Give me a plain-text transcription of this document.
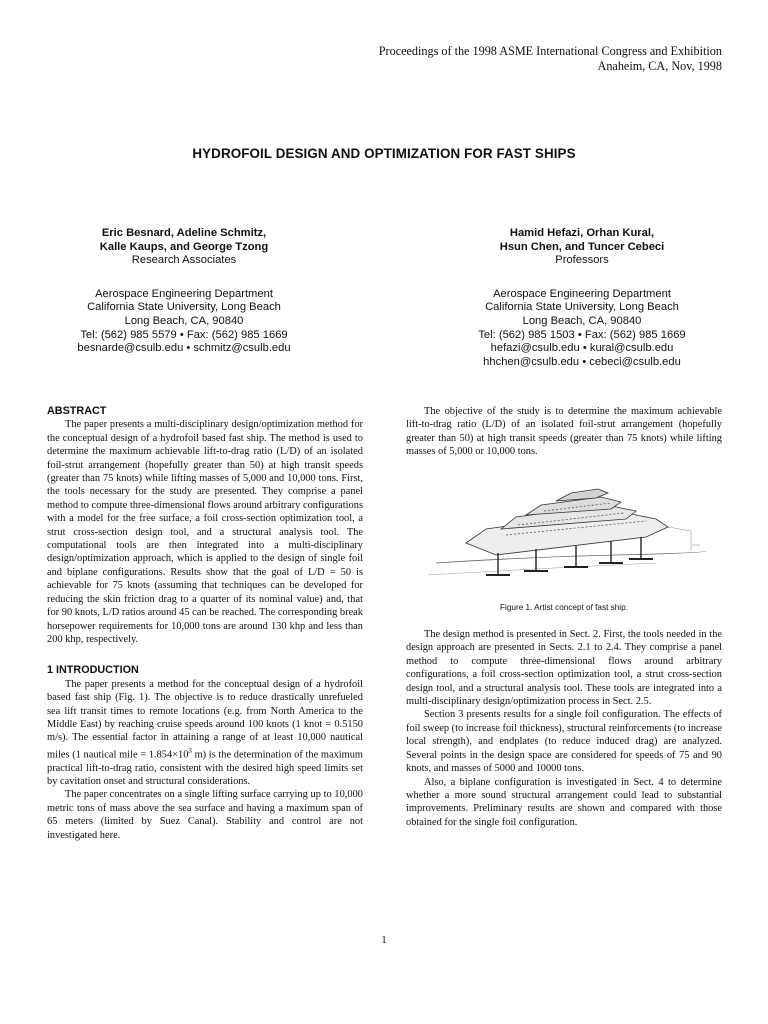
Proceedings of the 1998 ASME International Congress and Exhibition
Anaheim, CA, Nov, 1998
HYDROFOIL DESIGN AND OPTIMIZATION FOR FAST SHIPS
Eric Besnard, Adeline Schmitz,
Kalle Kaups, and George Tzong
Research Associates
Aerospace Engineering Department
California State University, Long Beach
Long Beach, CA, 90840
Tel: (562) 985 5579 • Fax: (562) 985 1669
besnarde@csulb.edu • schmitz@csulb.edu
Hamid Hefazi, Orhan Kural,
Hsun Chen, and Tuncer Cebeci
Professors
Aerospace Engineering Department
California State University, Long Beach
Long Beach, CA, 90840
Tel: (562) 985 1503 • Fax: (562) 985 1669
hefazi@csulb.edu • kural@csulb.edu
hhchen@csulb.edu • cebeci@csulb.edu

ABSTRACT

The paper presents a multi-disciplinary design/optimization method for the conceptual design of a hydrofoil based fast ship. The method is used to determine the maximum achievable lift-to-drag ratio (L/D) of an isolated foil-strut arrangement (hopefully greater than 50) at high transit speeds (greater than 75 knots) while lifting masses of 5,000 and 10,000 tons. First, the tools necessary for the study are presented. They comprise a panel method to compute three-dimensional flows around arbitrary configurations with a model for the free surface, a foil cross-section optimization tool, a strut cross-section design tool, and a structural analysis tool. The computational tools are then integrated into a multi-disciplinary design/optimization approach, which is applied to the design of single foil and biplane configurations. Results show that the goal of L/D = 50 is achievable for 75 knots (assuming that techniques can be developed for reducing the skin friction drag to a quarter of its nominal value) and, that for 90 knots, L/D ratios around 45 can be reached. The corresponding break horsepower requirements for 10,000 tons are around 130 khp and less than 200 khp, respectively.

1 INTRODUCTION

The paper presents a method for the conceptual design of a hydrofoil based fast ship (Fig. 1). The objective is to reduce drastically unrefueled sea lift transit times to remote locations (e.g. from North America to the Middle East) by reaching cruise speeds around 100 knots (1 knot = 0.5150 m/s). The essential factor in attaining a range of at least 10,000 nautical miles (1 nautical mile = $1.854\times 10^3$ m) is the determination of the maximum practical lift-to-drag ratio, consistent with the desired high speed limits set by cavitation onset and structural considerations.

The paper concentrates on a single lifting surface carrying up to 10,000 metric tons of mass above the sea surface and having a maximum span of 65 meters (limited by Suez Canal). Stability and control are not investigated here.

The objective of the study is to determine the maximum achievable lift-to-drag ratio (L/D) of an isolated foil-strut arrangement (hopefully greater than 50) at high transit speeds (greater than 75 knots) while lifting masses of 5,000 or 10,000 tons.

Figure 1. Artist concept of fast ship.

The design method is presented in Sect. 2. First, the tools needed in the design approach are presented in Sects. 2.1 to 2.4. They comprise a panel method to compute three-dimensional flows around arbitrary configurations, a foil cross-section optimization tool, a strut cross-section design tool, and a structural analysis tool. These tools are integrated into a multi-disciplinary design/optimization process in Sect. 2.5.

Section 3 presents results for a single foil configuration. The effects of foil sweep (to increase foil thickness), structural reinforcements (to increase local strength), and endplates (to reduce induced drag) are analyzed. Several points in the design space are considered for speeds of 75 and 90 knots, and masses of 5000 and 10000 tons.

Also, a biplane configuration is investigated in Sect. 4 to determine whether a more sound structural arrangement could lead to substantial improvements. Preliminary results are shown and compared with those obtained for the single foil configuration.

1
